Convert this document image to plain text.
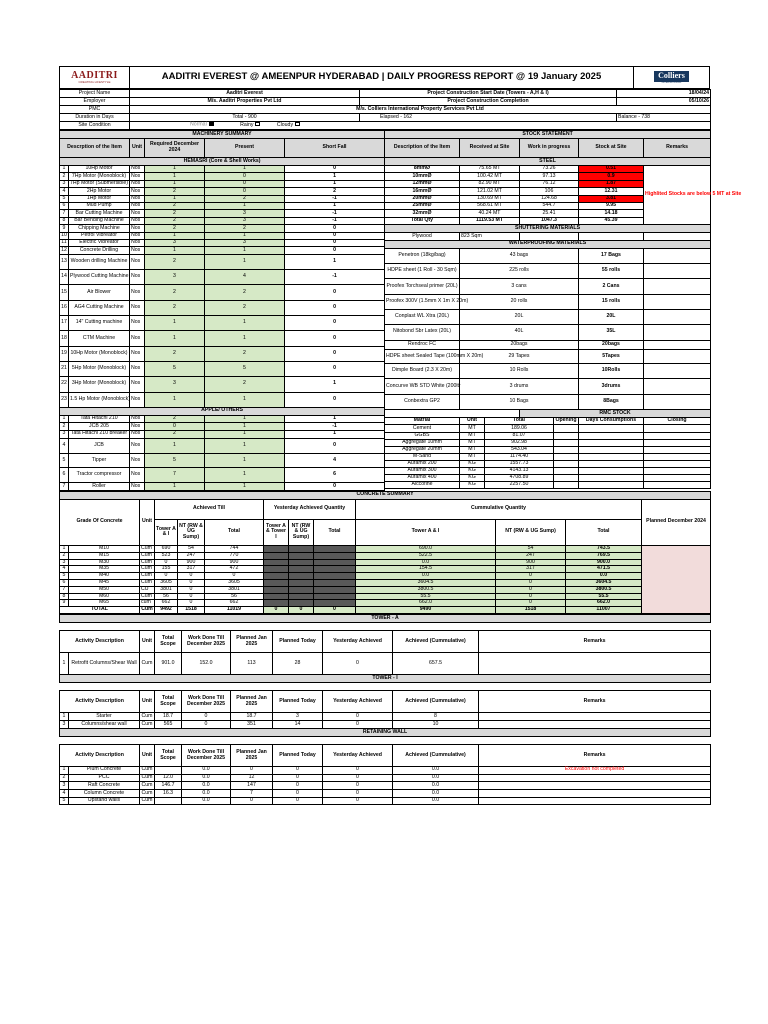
AADITRI
CREATING LIFESTYLE
	AADITRI EVEREST @ AMEENPUR HYDERABAD | DAILY PROGRESS REPORT @ 19 January 2025	Colliers
INTERNATIONAL
Project Name	Aaditri Everest	Project Construction Start Date (Towers - A,H & I)	18/04/24
Employer	M/s. Aaditri Properties Pvt Ltd	Project Construction Completion	05/10/26
PMC	M/s. Colliers International Property Services Pvt Ltd		
Duration in Days	Total - 900	Elapsed - 162	Balance - 738
Site Condition	Normal Rainy Cloudy		
MACHINERY SUMMARY					
Descrption of the Item		Unit	Required December 2024	Present	Short Fall
HEMASRI (Core & Shell Works)					
1	10Hp Motor	Nos	1	1	0
2	7Hp Motor (Monoblock)	Nos	1	0	1
3	7Hp Motor (Submersible)	Nos	1	0	1
4	2Hp Motor	Nos	2	0	2
5	1Hp Motor	Nos	1	2	-1
6	Mud Pump	Nos	2	1	1
7	Bar Cutting Machine	Nos	2	3	-1
8	Bar Bending Machine	Nos	2	3	-1
9	Chipping Machine	Nos	2	2	0
10	Petrol Vibreator	Nos	1	1	0
11	Electric Vibreator	Nos	3	3	0
12	Concrete Drilling	Nos	1	1	0
13	Wooden drilling Machine	Nos	2	1	1
14	Plywood Cutting Machine	Nos	3	4	-1
15	Air Blower	Nos	2	2	0
16	AG4 Cutting Machine	Nos	2	2	0
17	14" Cutting machine	Nos	1	1	0
18	CTM Machine	Nos	1	1	0
19	10Hp Motor (Monoblock)	Nos	2	2	0
21	5Hp Motor (Monoblock)	Nos	5	5	0
22	3Hp Motor (Monoblock)	Nos	3	2	1
23	1.5 Hp Motor (Monoblock)	Nos	1	1	0
APPLE/ OTHERS					
1	Tata Hitachi 210	Nos	2	1	1
2	JCB 205	Nos	0	1	-1
3	Tata Hitachi 210 breaker	Nos	2	1	1
4	JCB	Nos	1	1	0
5	Tipper	Nos	5	1	4
6	Tractor compressor	Nos	7	1	6
7	Roller	Nos	1	1	0
STOCK STATEMENT						
Description of the Item	Received at Site		Work in progress		Stock at Site	Remarks
STEEL						
8mmØ	75.65 MT		73.26		0.51	Highlited Stocks are below 5 MT at Site
10mmØ	100.42 MT		97.13		0.9	
12mmØ	82.90 MT		76.12		1.87	
16mmØ	121.02 MT		106		12.31	
20mmØ	130.69 MT		124.68		3.81	
25mmØ	568.61 MT		544.7		9.95	
32mmØ	40.24 MT		25.41		14.18	
Total Qty	1119.53 MT		1047.3		45.39	
SHUTTERING MATERIALS						
Plywood	823 Sqm					
WATERPROOFING MATERIALS						
Penetron (18kg/bag)	43 bags				17 Bags	
HDPE sheet (1 Roll - 30 Sqm)	225 rolls				55 rolls	
Proofex Torchseal primer (20L)	3 cans				2 Cans	
Proofex 300V (1.5mm X 1m X 20m)	20 rolls				15 rolls	
Conplast WL Xtra (20L)	20L				20L	
Nitobond Sbr Latex (20L)	40L				35L	
Rendroc FC	20bags				20bags	
HDPE sheet Sealed Tape (100mm X 20m)	29 Tapes				5Tapes	
Dimple Board (2.3 X 20m)	10 Rolls				10Rolls	
Concurve WB STD White (200ltr	3 drums				3drums	
Conbextra GP2	10 Bags				8Bags	
			RMC STOCK			
Matrial	Unit	Total		Opening	Days Consumptions	Closing
Cement	MT	189.06				
GGBS	MT	81.07				
Aggregate 10mm	MT	902.98				
Aggregate 20mm	MT	543.04				
M-Sand	MT	1174.40				
Auramix 200	KG	1557.73				
Auramix 300	KG	4143.13				
Auramix 400	KG	4708.89				
Alccofine	KG	2257.50				
CONCRETE SUMMARY												
Grade Of Concrete		Unit	Achieved Till			Yesterday Achieved Quantity			Cummulative Quantity			Planned December 2024
			Tower A & I	NT (RW & UG Sump)	Total	Tower A & Tower I	NT (RW & UG Sump)	Total	Tower A & I	NT (RW & UG Sump)	Total	
1	M10	Cum	690	54	744				690.0	54	743.5	
2	M15	Cum	523	247	770				522.5	247	769.5	
3	M30	Cum	0	900	900				0.0	900	900.0	
4	M35	Cum	155	317	472				154.5	317	471.5	
5	M40	Cum	0	0	0				0.0	0	0.0	
6	M45	Cum	3605	0	3605				3604.5	0	3604.5	
7	M50	CU	3801	0	3801				3800.5	0	3800.5	
8	M60	Cum	56	0	56				55.5	0	55.5	
9	M65	cum	662	0	662				662.0	0	662.0	
TOTAL		Cum	9492	1518	11019	0	0	0	9490	1518	11007	
TOWER - A									

Activity Description		Unit	Total Scope	Work Done Till December 2025	Planned Jan 2025	Planned Today	Yesterday Achieved	Achieved (Cummulative)	Remarks
1	Retrofit Columns/Shear Wall	Cum	901.0	152.0	113	28	0	657.5	
TOWER - I									

Activity Description		Unit	Total Scope	Work Done Till December 2025	Planned Jan 2025	Planned Today	Yesterday Achieved	Achieved (Cummulative)	Remarks
1	Starter	Cum	18.7	0	18.7	3	0	8	
3	Columns/shear wall	Cum	565	0	351	14	0	10	
RETAINING WALL									

Activity Description		Unit	Total Scope	Work Done Till December 2025	Planned Jan 2025	Planned Today	Yesterday Achieved	Achieved (Cummulative)	Remarks
1	Plum Concrete	Cum		0.0	0	0	0	0.0	Excavation not completed
2	PCC	Cum	12.0	0.0	12	0	0	0.0	
3	Raft Concrete	Cum	146.7	0.0	147	0	0	0.0	
4	Column Concrete	Cum	16.3	0.0	7	0	0	0.0	
5	Upstand walls	Cum		0.0	0	0	0	0.0	
